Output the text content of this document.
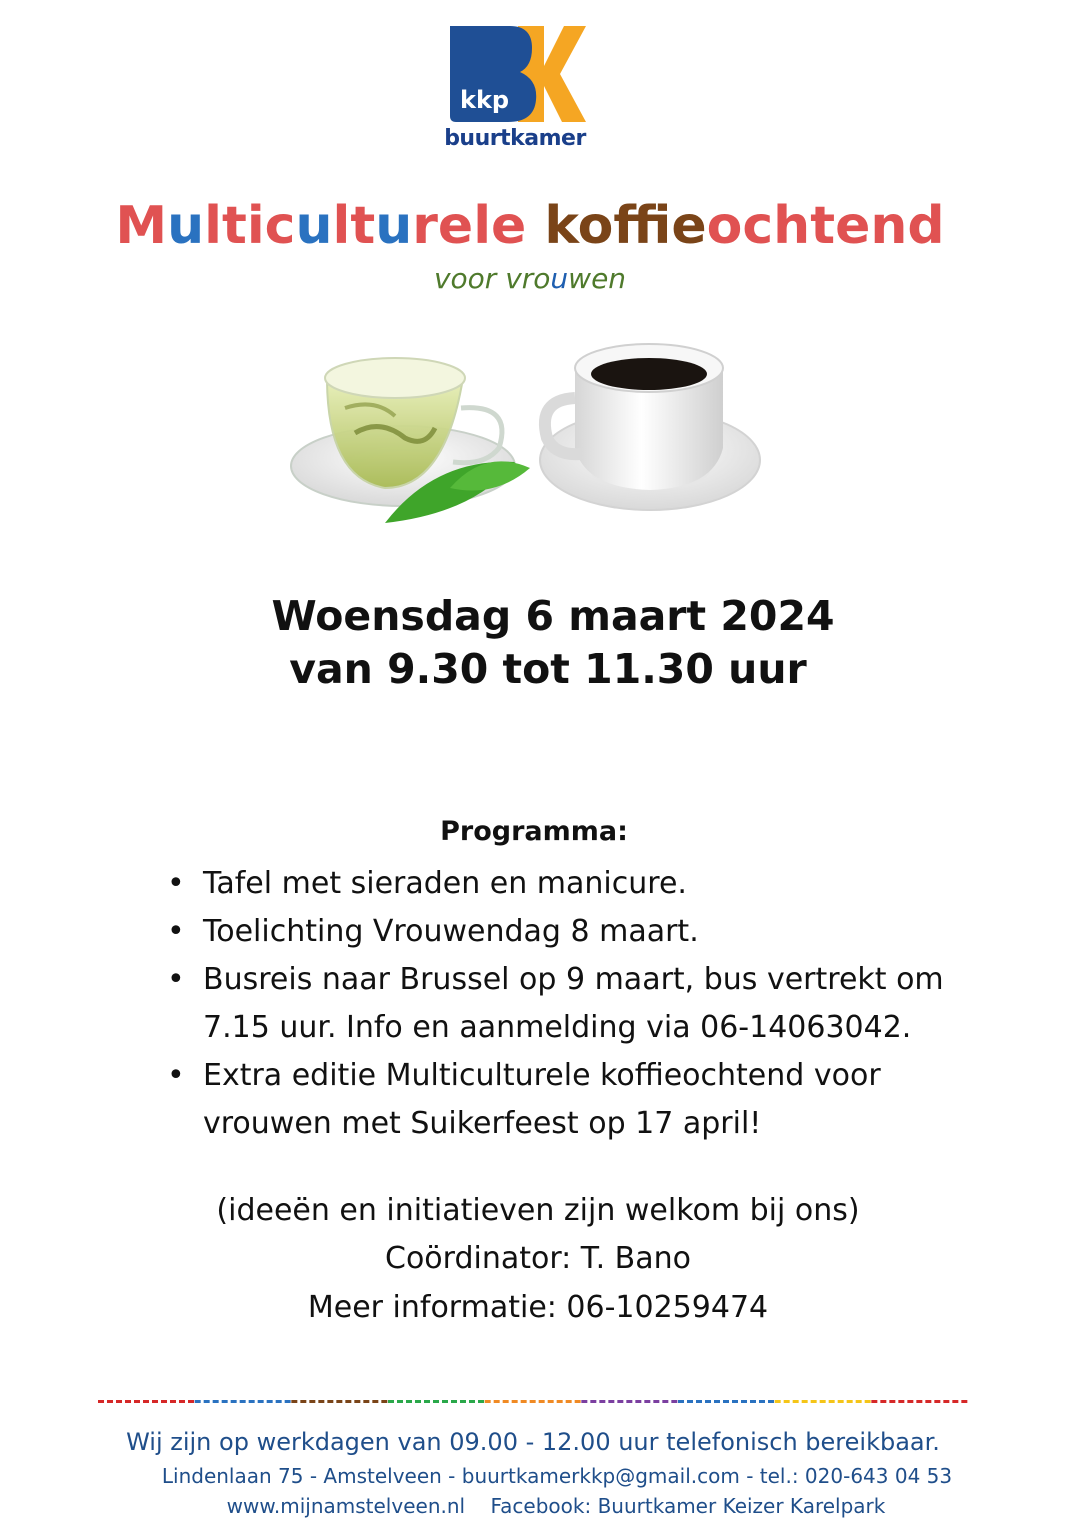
kkp
buurtkamer
Multiculturele kofeochtend
voor vrouwen
Woensdag 6 maart 2024
van 9.30 tot 11.30 uur
Programma:
• Tafel met sieraden en manicure.
• Toelichting Vrouwendag 8 maart.
• Busreis naar Brussel op 9 maart, bus vertrekt om 7.15 uur. Info en aanmelding via 06-14063042.
• Extra editie Multiculturele koffieochtend voor vrouwen met Suikerfeest op 17 april!
(ideeën en initiatieven zijn welkom bij ons)
Coördinator: T. Bano
Meer informatie: 06-10259474
Wij zijn op werkdagen van 09.00 - 12.00 uur telefonisch bereikbaar.
Lindenlaan 75 - Amstelveen - buurtkamerkkp@gmail.com - tel.: 020-643 04 53
www.mijnamstelveen.nl    Facebook: Buurtkamer Keizer Karelpark
